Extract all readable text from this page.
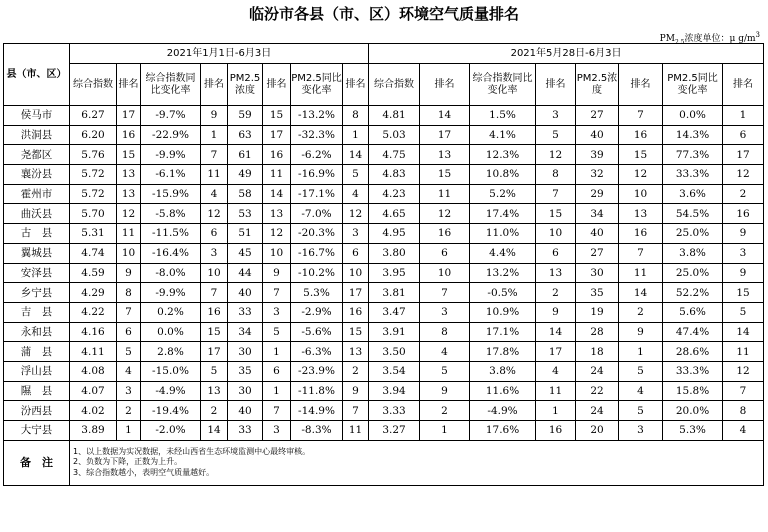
临汾市各县（市、区）环境空气质量排名
$PM_{2.5}$浓度单位：μ $g/m^3$
县（市、区）	2021年1月1日-6月3日								2021年5月28日-6月3日							
	综合指数	排名	综合指数同比变化率	排名	PM2.5浓度	排名	PM2.5同比变化率	排名	综合指数	排名	综合指数同比变化率	排名	PM2.5浓度	排名	PM2.5同比变化率	排名
侯马市	6.27	17	-9.7%	9	59	15	-13.2%	8	4.81	14	1.5%	3	27	7	0.0%	1
洪洞县	6.20	16	-22.9%	1	63	17	-32.3%	1	5.03	17	4.1%	5	40	16	14.3%	6
尧都区	5.76	15	-9.9%	7	61	16	-6.2%	14	4.75	13	12.3%	12	39	15	77.3%	17
襄汾县	5.72	13	-6.1%	11	49	11	-16.9%	5	4.83	15	10.8%	8	32	12	33.3%	12
霍州市	5.72	13	-15.9%	4	58	14	-17.1%	4	4.23	11	5.2%	7	29	10	3.6%	2
曲沃县	5.70	12	-5.8%	12	53	13	-7.0%	12	4.65	12	17.4%	15	34	13	54.5%	16
古　县	5.31	11	-11.5%	6	51	12	-20.3%	3	4.95	16	11.0%	10	40	16	25.0%	9
翼城县	4.74	10	-16.4%	3	45	10	-16.7%	6	3.80	6	4.4%	6	27	7	3.8%	3
安泽县	4.59	9	-8.0%	10	44	9	-10.2%	10	3.95	10	13.2%	13	30	11	25.0%	9
乡宁县	4.29	8	-9.9%	7	40	7	5.3%	17	3.81	7	-0.5%	2	35	14	52.2%	15
吉　县	4.22	7	0.2%	16	33	3	-2.9%	16	3.47	3	10.9%	9	19	2	5.6%	5
永和县	4.16	6	0.0%	15	34	5	-5.6%	15	3.91	8	17.1%	14	28	9	47.4%	14
蒲　县	4.11	5	2.8%	17	30	1	-6.3%	13	3.50	4	17.8%	17	18	1	28.6%	11
浮山县	4.08	4	-15.0%	5	35	6	-23.9%	2	3.54	5	3.8%	4	24	5	33.3%	12
隰　县	4.07	3	-4.9%	13	30	1	-11.8%	9	3.94	9	11.6%	11	22	4	15.8%	7
汾西县	4.02	2	-19.4%	2	40	7	-14.9%	7	3.33	2	-4.9%	1	24	5	20.0%	8
大宁县	3.89	1	-2.0%	14	33	3	-8.3%	11	3.27	1	17.6%	16	20	3	5.3%	4
备　注	1、以上数据为实况数据，未经山西省生态环境监测中心最终审核。
2、负数为下降，正数为上升。
3、综合指数越小，表明空气质量越好。															
